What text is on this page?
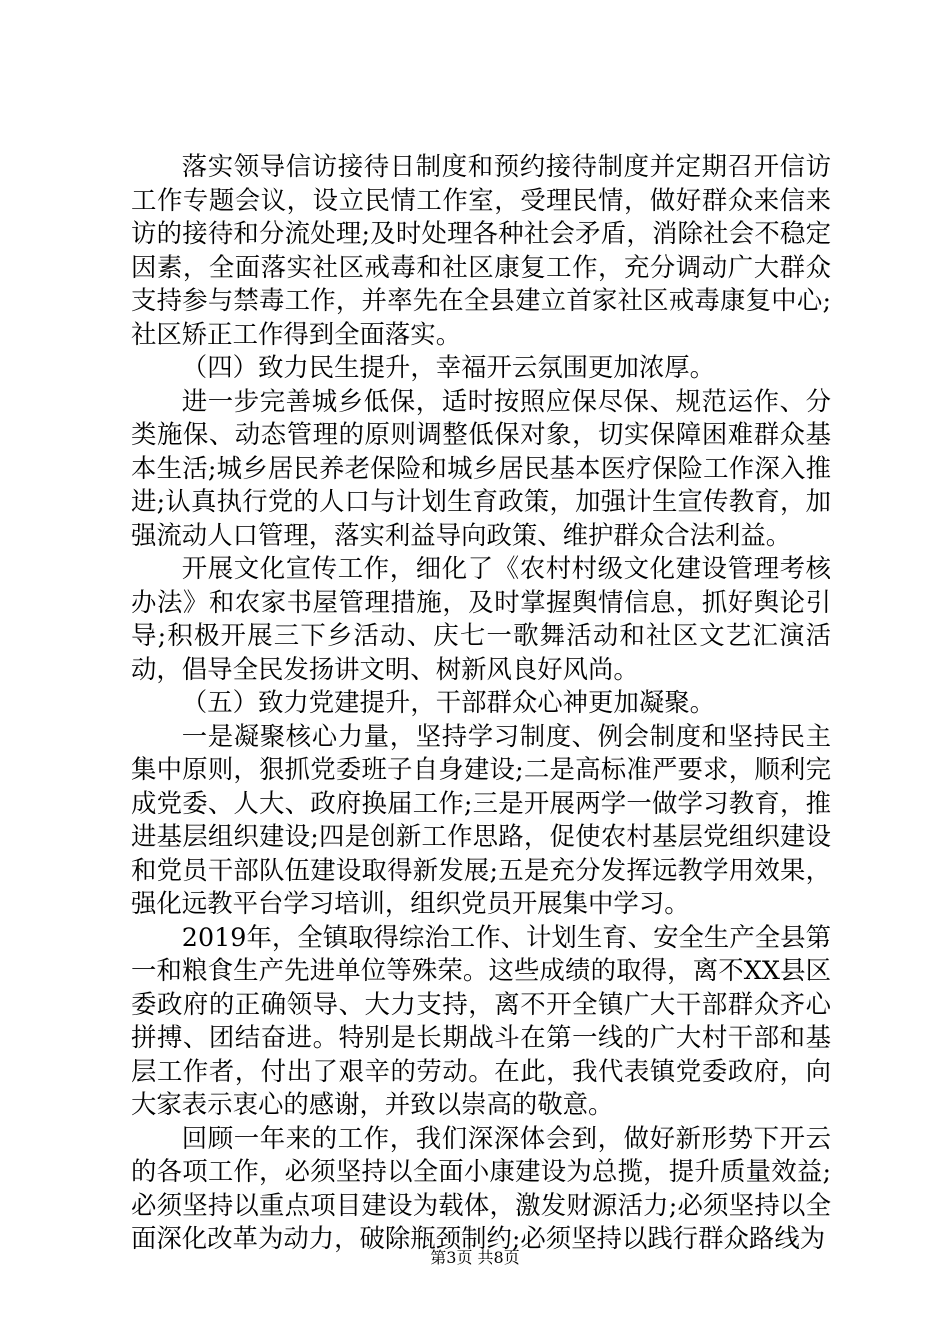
落实领导信访接待日制度和预约接待制度并定期召开信访工作专题会议，设立民情工作室，受理民情，做好群众来信来访的接待和分流处理;及时处理各种社会矛盾，消除社会不稳定因素，全面落实社区戒毒和社区康复工作，充分调动广大群众支持参与禁毒工作，并率先在全县建立首家社区戒毒康复中心;社区矫正工作得到全面落实。

（四）致力民生提升，幸福开云氛围更加浓厚。

进一步完善城乡低保，适时按照应保尽保、规范运作、分类施保、动态管理的原则调整低保对象，切实保障困难群众基本生活;城乡居民养老保险和城乡居民基本医疗保险工作深入推进;认真执行党的人口与计划生育政策，加强计生宣传教育，加强流动人口管理，落实利益导向政策、维护群众合法利益。

开展文化宣传工作，细化了《农村村级文化建设管理考核办法》和农家书屋管理措施，及时掌握舆情信息，抓好舆论引导;积极开展三下乡活动、庆七一歌舞活动和社区文艺汇演活动，倡导全民发扬讲文明、树新风良好风尚。

（五）致力党建提升，干部群众心神更加凝聚。

一是凝聚核心力量，坚持学习制度、例会制度和坚持民主集中原则，狠抓党委班子自身建设;二是高标准严要求，顺利完成党委、人大、政府换届工作;三是开展两学一做学习教育，推进基层组织建设;四是创新工作思路，促使农村基层党组织建设和党员干部队伍建设取得新发展;五是充分发挥远教学用效果，强化远教平台学习培训，组织党员开展集中学习。

2019年，全镇取得综治工作、计划生育、安全生产全县第一和粮食生产先进单位等殊荣。这些成绩的取得，离不XX县区委政府的正确领导、大力支持，离不开全镇广大干部群众齐心拼搏、团结奋进。特别是长期战斗在第一线的广大村干部和基层工作者，付出了艰辛的劳动。在此，我代表镇党委政府，向大家表示衷心的感谢，并致以崇高的敬意。

回顾一年来的工作，我们深深体会到，做好新形势下开云的各项工作，必须坚持以全面小康建设为总揽，提升质量效益;必须坚持以重点项目建设为载体，激发财源活力;必须坚持以全面深化改革为动力，破除瓶颈制约;必须坚持以践行群众路线为

第3页 共8页
